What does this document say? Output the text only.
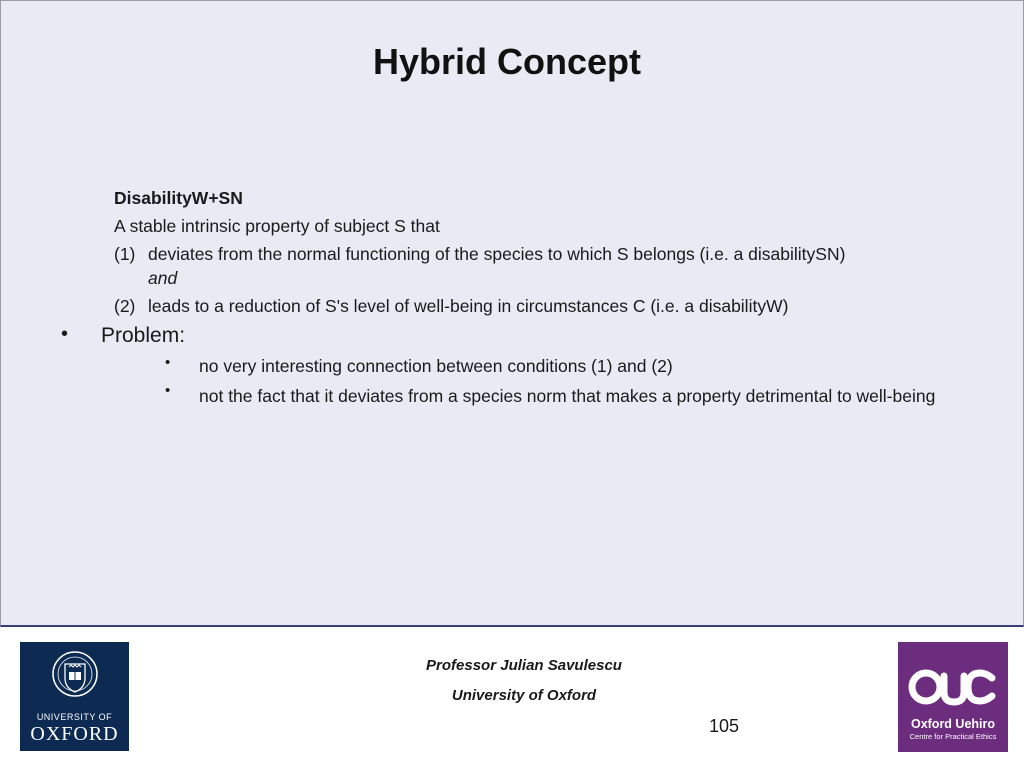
Hybrid Concept
DisabilityW+SN
A stable intrinsic property of subject S that
(1) deviates from the normal functioning of the species to which S belongs (i.e. a disabilitySN)
and
(2) leads to a reduction of S's level of well-being in circumstances C (i.e. a disabilityW)
• Problem:
• no very interesting connection between conditions (1) and (2)
• not the fact that it deviates from a species norm that makes a property detrimental to well-being
UNIVERSITY OF
OXFORD
Professor Julian Savulescu
University of Oxford
105	Oxford Uehiro
Centre for Practical Ethics
